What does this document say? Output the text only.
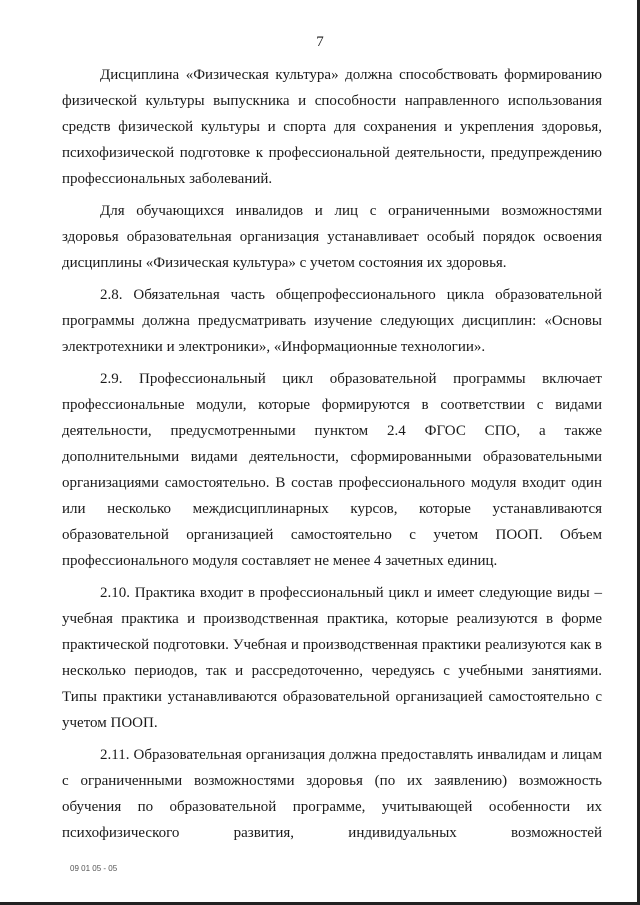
7

Дисциплина «Физическая культура» должна способствовать формированию физической культуры выпускника и способности направленного использования средств физической культуры и спорта для сохранения и укрепления здоровья, психофизической подготовке к профессиональной деятельности, предупреждению профессиональных заболеваний.

Для обучающихся инвалидов и лиц с ограниченными возможностями здоровья образовательная организация устанавливает особый порядок освоения дисциплины «Физическая культура» с учетом состояния их здоровья.

2.8. Обязательная часть общепрофессионального цикла образовательной программы должна предусматривать изучение следующих дисциплин: «Основы электротехники и электроники», «Информационные технологии».

2.9. Профессиональный цикл образовательной программы включает профессиональные модули, которые формируются в соответствии с видами деятельности, предусмотренными пунктом 2.4 ФГОС СПО, а также дополнительными видами деятельности, сформированными образовательными организациями самостоятельно. В состав профессионального модуля входит один или несколько междисциплинарных курсов, которые устанавливаются образовательной организацией самостоятельно с учетом ПООП. Объем профессионального модуля составляет не менее 4 зачетных единиц.

2.10. Практика входит в профессиональный цикл и имеет следующие виды – учебная практика и производственная практика, которые реализуются в форме практической подготовки. Учебная и производственная практики реализуются как в несколько периодов, так и рассредоточенно, чередуясь с учебными занятиями. Типы практики устанавливаются образовательной организацией самостоятельно с учетом ПООП.

2.11. Образовательная организация должна предоставлять инвалидам и лицам с ограниченными возможностями здоровья (по их заявлению) возможность обучения по образовательной программе, учитывающей особенности их психофизического развития, индивидуальных возможностей

09 01 05 - 05
